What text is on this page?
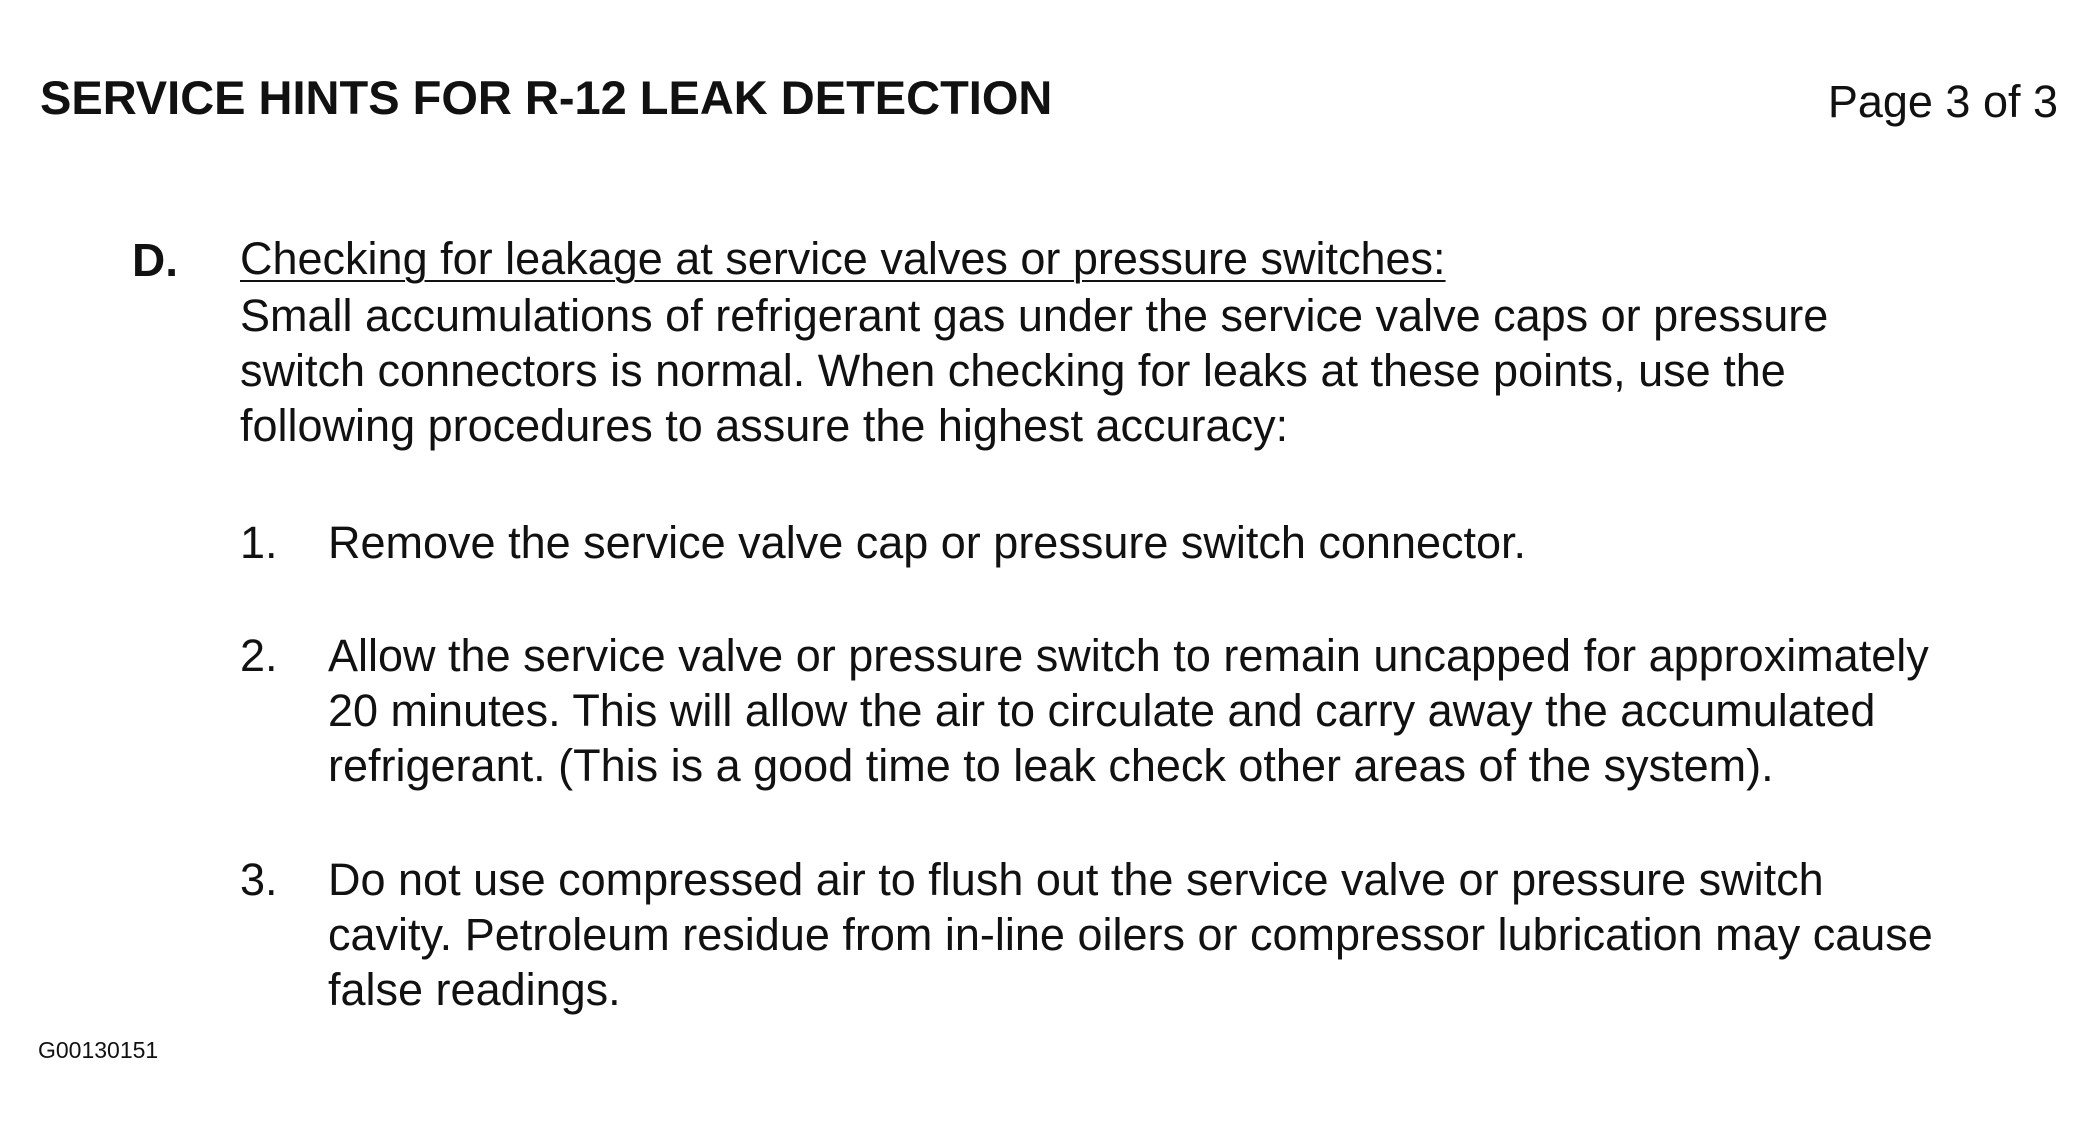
SERVICE HINTS FOR R-12 LEAK DETECTION	Page 3 of 3
D. Checking for leakage at service valves or pressure switches:
Small accumulations of refrigerant gas under the service valve caps or pressure
switch connectors is normal. When checking for leaks at these points, use the
following procedures to assure the highest accuracy:
1.	Remove the service valve cap or pressure switch connector.
2.	Allow the service valve or pressure switch to remain uncapped for approximately
20 minutes. This will allow the air to circulate and carry away the accumulated
refrigerant. (This is a good time to leak check other areas of the system).
3.	Do not use compressed air to flush out the service valve or pressure switch
cavity. Petroleum residue from in-line oilers or compressor lubrication may cause
false readings.
G00130151
